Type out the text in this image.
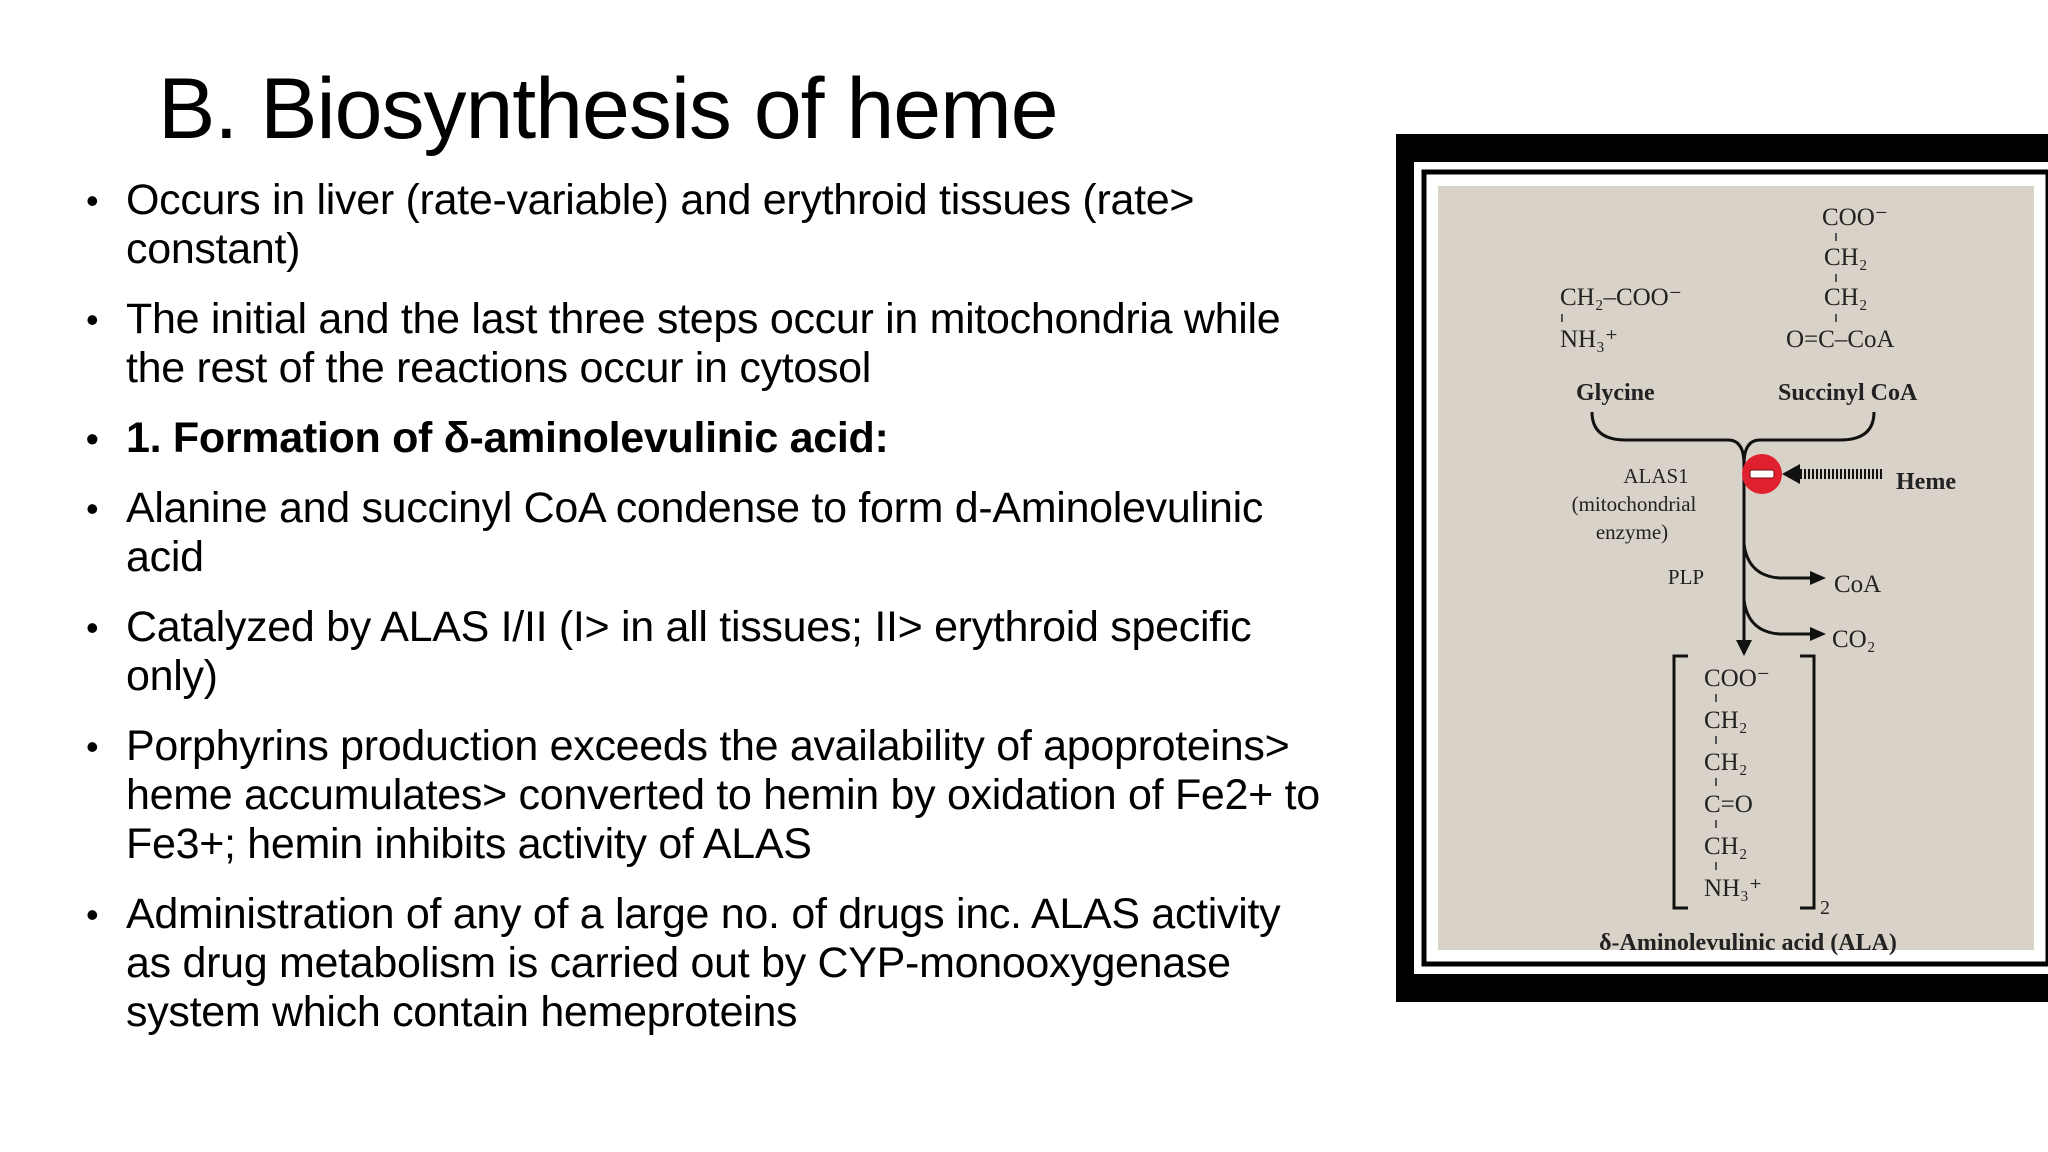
B. Biosynthesis of heme
• Occurs in liver (rate-variable) and erythroid tissues (rate> constant)
• The initial and the last three steps occur in mitochondria while the rest of the reactions occur in cytosol
• 1. Formation of δ-aminolevulinic acid:
• Alanine and succinyl CoA condense to form d-Aminolevulinic acid
• Catalyzed by ALAS I/II (I> in all tissues; II> erythroid specific only)
• Porphyrins production exceeds the availability of apoproteins> heme accumulates> converted to hemin by oxidation of Fe2+ to Fe3+; hemin inhibits activity of ALAS
• Administration of any of a large no. of drugs inc. ALAS activity as drug metabolism is carried out by CYP-monooxygenase system which contain hemeproteins
CH₂–COO⁻
NH₃⁺
Glycine
COO⁻
CH₂
CH₂
O=C–CoA
Succinyl CoA
ALAS1
(mitochondrial
enzyme)
Heme
PLP	CoA
CO₂
COO⁻
CH₂
CH₂
C=O
CH₂
NH₃⁺
2
δ-Aminolevulinic acid (ALA)
